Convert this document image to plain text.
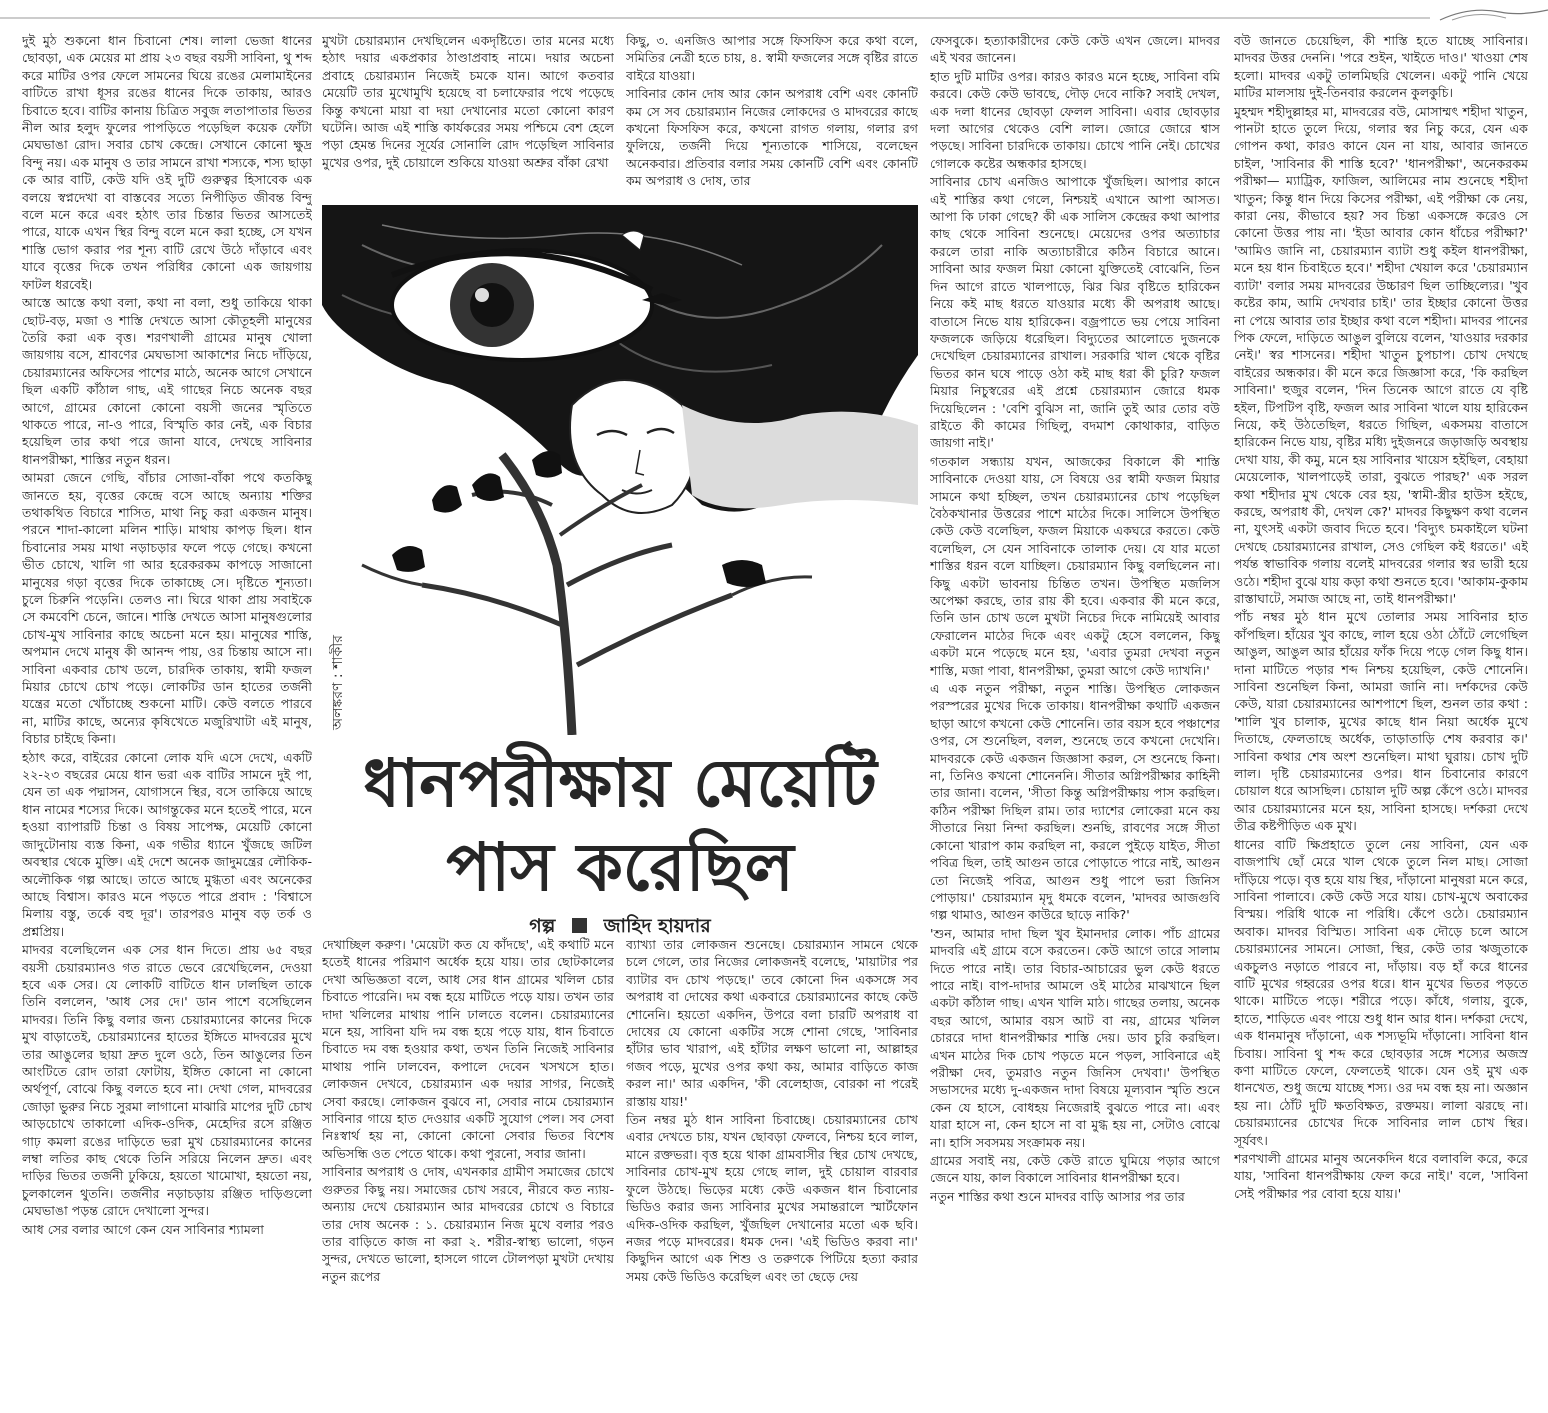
দুই মুঠ শুকনো ধান চিবানো শেষ। লালা ভেজা ধানের ছোবড়া, এক মেয়ের মা প্রায় ২৩ বছর বয়সী সাবিনা, থু শব্দ করে মাটির ওপর ফেলে সামনের ঘিয়ে রঙের মেলামাইনের বাটিতে রাখা ধূসর রঙের ধানের দিকে তাকায়, আরও চিবাতে হবে। বাটির কানায় চিত্রিত সবুজ লতাপাতার ভিতর নীল আর হলুদ ফুলের পাপড়িতে পড়েছিল কয়েক ফোঁটা মেঘভাঙা রোদ। সবার চোখ কেন্দ্রে। সেখানে কোনো ক্ষুদ্র বিন্দু নয়। এক মানুষ ও তার সামনে রাখা শস্যকে, শস্য ছাড়া কে আর বাটি, কেউ যদি ওই দুটি গুরুত্বর হিসাবেক এক বলয়ে স্বপ্নদেখা বা বাস্তবের সত্যে নিপীড়িত জীবন্ত বিন্দু বলে মনে করে এবং হঠাৎ তার চিন্তার ভিতর আসতেই পারে, যাকে এখন স্থির বিন্দু বলে মনে করা হচ্ছে, সে যখন শাস্তি ভোগ করার পর শূন্য বাটি রেখে উঠে দাঁড়াবে এবং যাবে বৃত্তের দিকে তখন পরিধির কোনো এক জায়গায় ফাটল ধরবেই।

আস্তে আস্তে কথা বলা, কথা না বলা, শুধু তাকিয়ে থাকা ছোট-বড়, মজা ও শাস্তি দেখতে আসা কৌতূহলী মানুষের তৈরি করা এক বৃত্ত। শরণখালী গ্রামের মানুষ খোলা জায়গায় বসে, শ্রাবণের মেঘভাসা আকাশের নিচে দাঁড়িয়ে, চেয়ারম্যানের অফিসের পাশের মাঠে, অনেক আগে সেখানে ছিল একটি কাঁঠাল গাছ, এই গাছের নিচে অনেক বছর আগে, গ্রামের কোনো কোনো বয়সী জনের স্মৃতিতে থাকতে পারে, না-ও পারে, বিস্মৃতি কার নেই, এক বিচার হয়েছিল তার কথা পরে জানা যাবে, দেখছে সাবিনার ধানপরীক্ষা, শাস্তির নতুন ধরন।

আমরা জেনে গেছি, বাঁচার সোজা-বাঁকা পথে কতকিছু জানতে হয়, বৃত্তের কেন্দ্রে বসে আছে অন্যায় শক্তির তথাকথিত বিচারে শাসিত, মাথা নিচু করা একজন মানুষ। পরনে শাদা-কালো মলিন শাড়ি। মাথায় কাপড় ছিল। ধান চিবানোর সময় মাথা নড়াচড়ার ফলে পড়ে গেছে। কখনো ভীত চোখে, খালি গা আর হরেকরকম কাপড়ে সাজানো মানুষের গড়া বৃত্তের দিকে তাকাচ্ছে সে। দৃষ্টিতে শূন্যতা। চুলে চিরুনি পড়েনি। তেলও না। ঘিরে থাকা প্রায় সবাইকে সে কমবেশি চেনে, জানে। শাস্তি দেখতে আসা মানুষগুলোর চোখ-মুখ সাবিনার কাছে অচেনা মনে হয়। মানুষের শাস্তি, অপমান দেখে মানুষ কী আনন্দ পায়, ওর চিন্তায় আসে না। সাবিনা একবার চোখ ডলে, চারদিক তাকায়, স্বামী ফজল মিয়ার চোখে চোখ পড়ে। লোকটির ডান হাতের তর্জনী যন্ত্রের মতো খোঁচাচ্ছে শুকনো মাটি। কেউ বলতে পারবে না, মাটির কাছে, অন্যের কৃষিখেতে মজুরিখাটা এই মানুষ, বিচার চাইছে কিনা।

হঠাৎ করে, বাইরের কোনো লোক যদি এসে দেখে, একটি ২২-২৩ বছরের মেয়ে ধান ভরা এক বাটির সামনে দুই পা, যেন তা এক পদ্মাসন, যোগাসনে স্থির, বসে তাকিয়ে আছে ধান নামের শস্যের দিকে। আগন্তুকের মনে হতেই পারে, মনে হওয়া ব্যাপারটি চিন্তা ও বিষয় সাপেক্ষ, মেয়েটি কোনো জাদুটোনায় ব্যস্ত কিনা, এক গভীর ধ্যানে খুঁজছে জটিল অবস্থার থেকে মুক্তি। এই দেশে অনেক জাদুমন্ত্রের লৌকিক-অলৌকিক গল্প আছে। তাতে আছে মুগ্ধতা এবং অনেকের আছে বিশ্বাস। কারও মনে পড়তে পারে প্রবাদ : 'বিশ্বাসে মিলায় বস্তু, তর্কে বহু দূর'। তারপরও মানুষ বড় তর্ক ও প্রশ্নপ্রিয়।

মাদবর বলেছিলেন এক সের ধান দিতে। প্রায় ৬৫ বছর বয়সী চেয়ারম্যানও গত রাতে ভেবে রেখেছিলেন, দেওয়া হবে এক সের। যে লোকটি বাটিতে ধান ঢালছিল তাকে তিনি বললেন, 'আধ সের দে।' ডান পাশে বসেছিলেন মাদবর। তিনি কিছু বলার জন্য চেয়ারম্যানের কানের দিকে মুখ বাড়াতেই, চেয়ারম্যানের হাতের ইঙ্গিতে মাদবরের মুখে তার আঙুলের ছায়া দ্রুত দুলে ওঠে, তিন আঙুলের তিন আংটিতে রোদ তারা ফোটায়, ইঙ্গিত কোনো না কোনো অর্থপূর্ণ, বোঝে কিছু বলতে হবে না। দেখা গেল, মাদবরের জোড়া ভুরুর নিচে সুরমা লাগানো মাঝারি মাপের দুটি চোখ আড়চোখে তাকালো এদিক-ওদিক, মেহেদির রসে রঞ্জিত গাঢ় কমলা রঙের দাড়িতে ভরা মুখ চেয়ারম্যানের কানের লম্বা লতির কাছ থেকে তিনি সরিয়ে নিলেন দ্রুত। এবং দাড়ির ভিতর তর্জনী ঢুকিয়ে, হয়তো খামোখা, হয়তো নয়, চুলকালেন থুতনি। তর্জনীর নড়াচড়ায় রঞ্জিত দাড়িগুলো মেঘভাঙা পড়ন্ত রোদে দেখালো সুন্দর।

আধ সের বলার আগে কেন যেন সাবিনার শ্যামলা

মুখটা চেয়ারম্যান দেখছিলেন একদৃষ্টিতে। তার মনের মধ্যে হঠাৎ দয়ার একপ্রকার ঠাণ্ডাপ্রবাহ নামে। দয়ার অচেনা প্রবাহে চেয়ারম্যান নিজেই চমকে যান। আগে কতবার মেয়েটি তার মুখোমুখি হয়েছে বা চলাফেরার পথে পড়েছে কিন্তু কখনো মায়া বা দয়া দেখানোর মতো কোনো কারণ ঘটেনি। আজ এই শাস্তি কার্যকরের সময় পশ্চিমে বেশ হেলে পড়া হেমন্ত দিনের সূর্যের সোনালি রোদ পড়েছিল সাবিনার মুখের ওপর, দুই চোয়ালে শুকিয়ে যাওয়া অশ্রুর বাঁকা রেখা

কিছু, ৩. এনজিও আপার সঙ্গে ফিসফিস করে কথা বলে, সমিতির নেত্রী হতে চায়, ৪. স্বামী ফজলের সঙ্গে বৃষ্টির রাতে বাইরে যাওয়া।

সাবিনার কোন দোষ আর কোন অপরাধ বেশি এবং কোনটি কম সে সব চেয়ারম্যান নিজের লোকদের ও মাদবরের কাছে কখনো ফিসফিস করে, কখনো রাগত গলায়, গলার রগ ফুলিয়ে, তর্জনী দিয়ে শূন্যতাকে শাসিয়ে, বলেছেন অনেকবার। প্রতিবার বলার সময় কোনটি বেশি এবং কোনটি কম অপরাধ ও দোষ, তার

ফেসবুকে। হত্যাকারীদের কেউ কেউ এখন জেলে। মাদবর এই খবর জানেন।

হাত দুটি মাটির ওপর। কারও কারও মনে হচ্ছে, সাবিনা বমি করবে। কেউ কেউ ভাবছে, দৌড় দেবে নাকি? সবাই দেখল, এক দলা ধানের ছোবড়া ফেলল সাবিনা। এবার ছোবড়ার দলা আগের থেকেও বেশি লাল। জোরে জোরে শ্বাস পড়ছে। সাবিনা চারদিকে তাকায়। চোখে পানি নেই। চোখের গোলকে কষ্টের অন্ধকার হাসছে।

সাবিনার চোখ এনজিও আপাকে খুঁজছিল। আপার কানে এই শাস্তির কথা গেলে, নিশ্চয়ই এখানে আপা আসত। আপা কি ঢাকা গেছে? কী এক সালিস কেন্দ্রের কথা আপার কাছ থেকে সাবিনা শুনেছে। মেয়েদের ওপর অত্যাচার করলে তারা নাকি অত্যাচারীরে কঠিন বিচারে আনে। সাবিনা আর ফজল মিয়া কোনো যুক্তিতেই বোঝেনি, তিন দিন আগে রাতে খালপাড়ে, ঝির ঝির বৃষ্টিতে হারিকেন নিয়ে কই মাছ ধরতে যাওয়ার মধ্যে কী অপরাধ আছে। বাতাসে নিভে যায় হারিকেন। বজ্রপাতে ভয় পেয়ে সাবিনা ফজলকে জড়িয়ে ধরেছিল। বিদ্যুতের আলোতে দুজনকে দেখেছিল চেয়ারম্যানের রাখাল। সরকারি খাল থেকে বৃষ্টির ভিতর কান ঘষে পাড়ে ওঠা কই মাছ ধরা কী চুরি? ফজল মিয়ার নিচুস্বরের এই প্রশ্নে চেয়ারম্যান জোরে ধমক দিয়েছিলেন : 'বেশি বুঝিস না, জানি তুই আর তোর বউ রাইতে কী কামের গিছিলু, বদমাশ কোথাকার, বাড়িত জায়গা নাই।'

গতকাল সন্ধ্যায় যখন, আজকের বিকালে কী শাস্তি সাবিনাকে দেওয়া যায়, সে বিষয়ে ওর স্বামী ফজল মিয়ার সামনে কথা হচ্ছিল, তখন চেয়ারম্যানের চোখ পড়েছিল বৈঠকখানার উত্তরের পাশে মাঠের দিকে। সালিসে উপস্থিত কেউ কেউ বলেছিল, ফজল মিয়াকে একঘরে করতে। কেউ বলেছিল, সে যেন সাবিনাকে তালাক দেয়। যে যার মতো শাস্তির ধরন বলে যাচ্ছিল। চেয়ারম্যান কিছু বলছিলেন না। কিছু একটা ভাবনায় চিন্তিত তখন। উপস্থিত মজলিস অপেক্ষা করছে, তার রায় কী হবে। একবার কী মনে করে, তিনি ডান চোখ ডলে মুখটা নিচের দিকে নামিয়েই আবার ফেরালেন মাঠের দিকে এবং একটু হেসে বললেন, কিছু একটা মনে পড়েছে মনে হয়, 'এবার তুমরা দেখবা নতুন শাস্তি, মজা পাবা, ধানপরীক্ষা, তুমরা আগে কেউ দ্যাখনি।'

এ এক নতুন পরীক্ষা, নতুন শাস্তি। উপস্থিত লোকজন পরস্পরের মুখের দিকে তাকায়। ধানপরীক্ষা কথাটি একজন ছাড়া আগে কখনো কেউ শোনেনি। তার বয়স হবে পঞ্চাশের ওপর, সে শুনেছিল, বলল, শুনেছে তবে কখনো দেখেনি। মাদবরকে কেউ একজন জিজ্ঞাসা করল, সে শুনেছে কিনা। না, তিনিও কখনো শোনেননি। সীতার অগ্নিপরীক্ষার কাহিনী তার জানা। বলেন, 'সীতা কিন্তু অগ্নিপরীক্ষায় পাস করছিল। কঠিন পরীক্ষা দিছিল রাম। তার দ্যাশের লোকেরা মনে কয় সীতারে নিয়া নিন্দা করছিল। শুনছি, রাবণের সঙ্গে সীতা কোনো খারাপ কাম করছিল না, করলে পুইড়ে যাইত, সীতা পবিত্র ছিল, তাই আগুন তারে পোড়াতে পারে নাই, আগুন তো নিজেই পবিত্র, আগুন শুধু পাপে ভরা জিনিস পোড়ায়।' চেয়ারম্যান মৃদু ধমকে বলেন, 'মাদবর আজগুবি গল্প থামাও, আগুন কাউরে ছাড়ে নাকি?'

'শুন, আমার দাদা ছিল খুব ইমানদার লোক। পাঁচ গ্রামের মাদবরি এই গ্রামে বসে করতেন। কেউ আগে তারে সালাম দিতে পারে নাই। তার বিচার-আচারের ভুল কেউ ধরতে পারে নাই। বাপ-দাদার আমলে ওই মাঠের মাঝখানে ছিল একটা কাঁঠাল গাছ। এখন খালি মাঠ। গাছের তলায়, অনেক বছর আগে, আমার বয়স আট বা নয়, গ্রামের খলিল চোররে দাদা ধানপরীক্ষার শাস্তি দেয়। ডাব চুরি করছিল। এখন মাঠের দিক চোখ পড়তে মনে পড়ল, সাবিনারে এই পরীক্ষা দেব, তুমরাও নতুন জিনিস দেখবা।' উপস্থিত সভাসদের মধ্যে দু-একজন দাদা বিষয়ে মূল্যবান স্মৃতি শুনে কেন যে হাসে, বোধহয় নিজেরাই বুঝতে পারে না। এবং যারা হাসে না, কেন হাসে না বা মুগ্ধ হয় না, সেটাও বোঝে না। হাসি সবসময় সংক্রামক নয়।

গ্রামের সবাই নয়, কেউ কেউ রাতে ঘুমিয়ে পড়ার আগে জেনে যায়, কাল বিকালে সাবিনার ধানপরীক্ষা হবে।

নতুন শাস্তির কথা শুনে মাদবর বাড়ি আসার পর তার

বউ জানতে চেয়েছিল, কী শাস্তি হতে যাচ্ছে সাবিনার। মাদবর উত্তর দেননি। 'পরে শুইন, খাইতে দাও।' খাওয়া শেষ হলো। মাদবর একটু তালমিছরি খেলেন। একটু পানি খেয়ে মাটির মালসায় দুই-তিনবার করলেন কুলকুচি।

মুহম্মদ শহীদুল্লাহর মা, মাদবরের বউ, মোসাম্মৎ শহীদা খাতুন, পানটা হাতে তুলে দিয়ে, গলার স্বর নিচু করে, যেন এক গোপন কথা, কারও কানে যেন না যায়, আবার জানতে চাইল, 'সাবিনার কী শাস্তি হবে?' 'ধানপরীক্ষা', অনেকরকম পরীক্ষা— ম্যাট্রিক, ফাজিল, আলিমের নাম শুনেছে শহীদা খাতুন; কিন্তু ধান দিয়ে কিসের পরীক্ষা, এই পরীক্ষা কে নেয়, কারা নেয়, কীভাবে হয়? সব চিন্তা একসঙ্গে করেও সে কোনো উত্তর পায় না। 'ইডা আবার কোন ধাঁচের পরীক্ষা?' 'আমিও জানি না, চেয়ারম্যান ব্যাটা শুধু কইল ধানপরীক্ষা, মনে হয় ধান চিবাইতে হবে।' শহীদা খেয়াল করে 'চেয়ারম্যান ব্যাটা' বলার সময় মাদবরের উচ্চারণ ছিল তাচ্ছিল্যের। 'খুব কষ্টের কাম, আমি দেখবার চাই।' তার ইচ্ছার কোনো উত্তর না পেয়ে আবার তার ইচ্ছার কথা বলে শহীদা। মাদবর পানের পিক ফেলে, দাড়িতে আঙুল বুলিয়ে বলেন, 'যাওয়ার দরকার নেই।' স্বর শাসনের। শহীদা খাতুন চুপচাপ। চোখ দেখছে বাইরের অন্ধকার। কী মনে করে জিজ্ঞাসা করে, 'কি করছিল সাবিনা।' হুজুর বলেন, 'দিন তিনেক আগে রাতে যে বৃষ্টি হইল, টিপটিপ বৃষ্টি, ফজল আর সাবিনা খালে যায় হারিকেন নিয়ে, কই উঠতেছিল, ধরতে গিছিল, একসময় বাতাসে হারিকেন নিভে যায়, বৃষ্টির মধ্যি দুইজনরে জড়াজড়ি অবস্থায় দেখা যায়, কী কমু, মনে হয় সাবিনার খায়েস হইছিল, বেহায়া মেয়েলোক, খালপাড়েই তারা, বুঝতে পারছ?' এক সরল কথা শহীদার মুখ থেকে বের হয়, 'স্বামী-স্ত্রীর হাউস হইছে, করছে, অপরাধ কী, দেখল কে?' মাদবর কিছুক্ষণ কথা বলেন না, যুৎসই একটা জবাব দিতে হবে। 'বিদ্যুৎ চমকাইলে ঘটনা দেখছে চেয়ারম্যানের রাখাল, সেও গেছিল কই ধরতে।' এই পর্যন্ত স্বাভাবিক গলায় বলেই মাদবরের গলার স্বর ভারী হয়ে ওঠে। শহীদা বুঝে যায় কড়া কথা শুনতে হবে। 'আকাম-কুকাম রাস্তাঘাটে, সমাজ আছে না, তাই ধানপরীক্ষা।'

পাঁচ নম্বর মুঠ ধান মুখে তোলার সময় সাবিনার হাত কাঁপছিল। হাঁয়ের খুব কাছে, লাল হয়ে ওঠা ঠোঁটে লেগেছিল আঙুল, আঙুল আর হাঁয়ের ফাঁক দিয়ে পড়ে গেল কিছু ধান। দানা মাটিতে পড়ার শব্দ নিশ্চয় হয়েছিল, কেউ শোনেনি। সাবিনা শুনেছিল কিনা, আমরা জানি না। দর্শকদের কেউ কেউ, যারা চেয়ারম্যানের আশপাশে ছিল, শুনল তার কথা : 'শালি খুব চালাক, মুখের কাছে ধান নিয়া অর্ধেক মুখে দিতাছে, ফেলতাছে অর্ধেক, তাড়াতাড়ি শেষ করবার ক।' সাবিনা কথার শেষ অংশ শুনেছিল। মাথা ঘুরায়। চোখ দুটি লাল। দৃষ্টি চেয়ারম্যানের ওপর। ধান চিবানোর কারণে চোয়াল ধরে আসছিল। চোয়াল দুটি অল্প কেঁপে ওঠে। মাদবর আর চেয়ারম্যানের মনে হয়, সাবিনা হাসছে। দর্শকরা দেখে তীব্র কষ্টপীড়িত এক মুখ।

ধানের বাটি ক্ষিপ্রহাতে তুলে নেয় সাবিনা, যেন এক বাজপাখি ছোঁ মেরে খাল থেকে তুলে নিল মাছ। সোজা দাঁড়িয়ে পড়ে। বৃত্ত হয়ে যায় স্থির, দাঁড়ানো মানুষরা মনে করে, সাবিনা পালাবে। কেউ কেউ সরে যায়। চোখ-মুখে অবাকের বিস্ময়। পরিধি থাকে না পরিধি। কেঁপে ওঠে। চেয়ারম্যান অবাক। মাদবর বিস্মিত। সাবিনা এক দৌড়ে চলে আসে চেয়ারম্যানের সামনে। সোজা, স্থির, কেউ তার ঋজুতাকে একচুলও নড়াতে পারবে না, দাঁড়ায়। বড় হাঁ করে ধানের বাটি মুখের গহ্বরের ওপর ধরে। ধান মুখের ভিতর পড়তে থাকে। মাটিতে পড়ে। শরীরে পড়ে। কাঁধে, গলায়, বুকে, হাতে, শাড়িতে এবং পায়ে শুধু ধান আর ধান। দর্শকরা দেখে, এক ধানমানুষ দাঁড়ানো, এক শস্যভূমি দাঁড়ানো। সাবিনা ধান চিবায়। সাবিনা থু শব্দ করে ছোবড়ার সঙ্গে শস্যের অজস্র কণা মাটিতে ফেলে, ফেলতেই থাকে। যেন ওই মুখ এক ধানখেত, শুধু জন্মে যাচ্ছে শস্য। ওর দম বন্ধ হয় না। অজ্ঞান হয় না। ঠোঁট দুটি ক্ষতবিক্ষত, রক্তময়। লালা ঝরছে না। চেয়ারম্যানের চোখের দিকে সাবিনার লাল চোখ স্থির। সূর্যবৎ।

শরণখালী গ্রামের মানুষ অনেকদিন ধরে বলাবলি করে, করে যায়, 'সাবিনা ধানপরীক্ষায় ফেল করে নাই।' বলে, 'সাবিনা সেই পরীক্ষার পর বোবা হয়ে যায়।'

অলঙ্করণ : শাকীর
ধানপরীক্ষায় মেয়েটি
পাস করেছিল
গল্প	জাহিদ হায়দার

দেখাচ্ছিল করুণ। 'মেয়েটা কত যে কাঁদছে', এই কথাটি মনে হতেই ধানের পরিমাণ অর্ধেক হয়ে যায়। তার ছোটকালের দেখা অভিজ্ঞতা বলে, আধ সের ধান গ্রামের খলিল চোর চিবাতে পারেনি। দম বন্ধ হয়ে মাটিতে পড়ে যায়। তখন তার দাদা খলিলের মাথায় পানি ঢালতে বলেন। চেয়ারম্যানের মনে হয়, সাবিনা যদি দম বন্ধ হয়ে পড়ে যায়, ধান চিবাতে চিবাতে দম বন্ধ হওয়ার কথা, তখন তিনি নিজেই সাবিনার মাথায় পানি ঢালবেন, কপালে দেবেন খসখসে হাত। লোকজন দেখবে, চেয়ারম্যান এক দয়ার সাগর, নিজেই সেবা করছে। লোকজন বুঝবে না, সেবার নামে চেয়ারম্যান সাবিনার গায়ে হাত দেওয়ার একটি সুযোগ পেল। সব সেবা নিঃস্বার্থ হয় না, কোনো কোনো সেবার ভিতর বিশেষ অভিসন্ধি ওত পেতে থাকে। কথা পুরনো, সবার জানা।

সাবিনার অপরাধ ও দোষ, এখনকার গ্রামীণ সমাজের চোখে গুরুতর কিছু নয়। সমাজের চোখ সরবে, নীরবে কত ন্যায়-অন্যায় দেখে চেয়ারম্যান আর মাদবরের চোখে ও বিচারে তার দোষ অনেক : ১. চেয়ারম্যান নিজ মুখে বলার পরও তার বাড়িতে কাজ না করা ২. শরীর-স্বাস্থ্য ভালো, গড়ন সুন্দর, দেখতে ভালো, হাসলে গালে টোলপড়া মুখটা দেখায় নতুন রূপের

ব্যাখ্যা তার লোকজন শুনেছে। চেয়ারম্যান সামনে থেকে চলে গেলে, তার নিজের লোকজনই বলেছে, 'মায়াটার পর ব্যাটার বদ চোখ পড়ছে।' তবে কোনো দিন একসঙ্গে সব অপরাধ বা দোষের কথা একবারে চেয়ারম্যানের কাছে কেউ শোনেনি। হয়তো একদিন, উপরে বলা চারটি অপরাধ বা দোষের যে কোনো একটির সঙ্গে শোনা গেছে, 'সাবিনার হাঁটার ভাব খারাপ, এই হাঁটার লক্ষণ ভালো না, আল্লাহর গজব পড়ে, মুখের ওপর কথা কয়, আমার বাড়িতে কাজ করল না।' আর একদিন, 'কী বেলেহাজ, বোরকা না পরেই রাস্তায় যায়!'

তিন নম্বর মুঠ ধান সাবিনা চিবাচ্ছে। চেয়ারম্যানের চোখ এবার দেখতে চায়, যখন ছোবড়া ফেলবে, নিশ্চয় হবে লাল, মানে রক্তভরা। বৃত্ত হয়ে থাকা গ্রামবাসীর স্থির চোখ দেখছে, সাবিনার চোখ-মুখ হয়ে গেছে লাল, দুই চোয়াল বারবার ফুলে উঠছে। ভিড়ের মধ্যে কেউ একজন ধান চিবানোর ভিডিও করার জন্য সাবিনার মুখের সমান্তরালে স্মার্টফোন এদিক-ওদিক করছিল, খুঁজছিল দেখানোর মতো এক ছবি। নজর পড়ে মাদবরের। ধমক দেন। 'এই ভিডিও করবা না।' কিছুদিন আগে এক শিশু ও তরুণকে পিটিয়ে হত্যা করার সময় কেউ ভিডিও করেছিল এবং তা ছেড়ে দেয়
